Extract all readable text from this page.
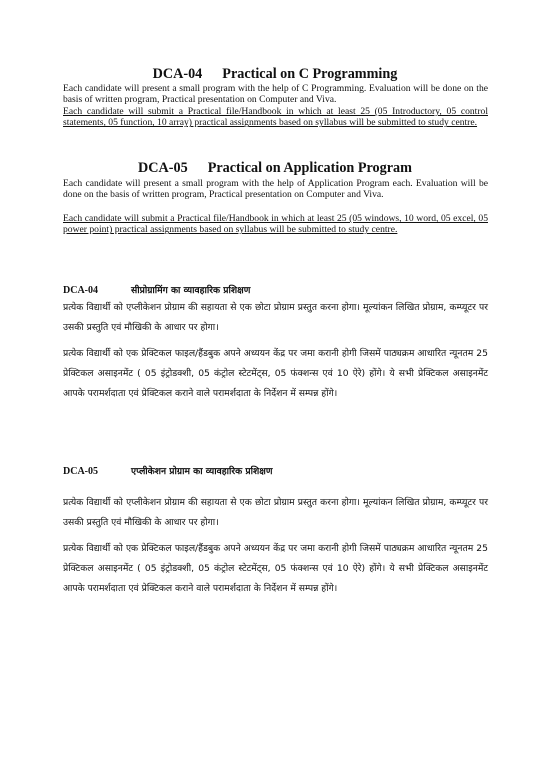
DCA-04 Practical on C Programming
Each candidate will present a small program with the help of C Programming. Evaluation will be done on the basis of written program, Practical presentation on Computer and Viva.
Each candidate will submit a Practical file/Handbook in which at least 25 (05 Introductory, 05 control statements, 05 function, 10 array) practical assignments based on syllabus will be submitted to study centre.
DCA-05 Practical on Application Program
Each candidate will present a small program with the help of Application Program each. Evaluation will be done on the basis of written program, Practical presentation on Computer and Viva.
Each candidate will submit a Practical file/Handbook in which at least 25 (05 windows, 10 word, 05 excel, 05 power point) practical assignments based on syllabus will be submitted to study centre.
DCA-04	सीप्रोग्रामिंग का व्यावहारिक प्रशिक्षण
प्रत्येक विद्यार्थी को एप्लीकेशन प्रोग्राम की सहायता से एक छोटा प्रोग्राम प्रस्तुत करना होगा। मूल्यांकन लिखित प्रोग्राम, कम्प्यूटर पर उसकी प्रस्तुति एवं मौखिकी के आधार पर होगा।
प्रत्येक विद्यार्थी को एक प्रेक्टिकल फाइल/हैंडबुक अपने अध्ययन केंद्र पर जमा करानी होगी जिसमें पाठ्यक्रम आधारित न्यूनतम 25 प्रेक्टिकल असाइनमेंट ( 05 इंट्रोडक्शी, 05 कंट्रोल स्टेटमेंट्स, 05 फंक्शन्स एवं 10 ऐरे) होंगे। ये सभी प्रेक्टिकल असाइनमेंट आपके परामर्शदाता एवं प्रेक्टिकल कराने वाले परामर्शदाता के निर्देशन में सम्पन्न होंगे।
DCA-05	एप्लीकेशन प्रोग्राम का व्यावहारिक प्रशिक्षण
प्रत्येक विद्यार्थी को एप्लीकेशन प्रोग्राम की सहायता से एक छोटा प्रोग्राम प्रस्तुत करना होगा। मूल्यांकन लिखित प्रोग्राम, कम्प्यूटर पर उसकी प्रस्तुति एवं मौखिकी के आधार पर होगा।
प्रत्येक विद्यार्थी को एक प्रेक्टिकल फाइल/हैंडबुक अपने अध्ययन केंद्र पर जमा करानी होगी जिसमें पाठ्यक्रम आधारित न्यूनतम 25 प्रेक्टिकल असाइनमेंट ( 05 इंट्रोडक्शी, 05 कंट्रोल स्टेटमेंट्स, 05 फंक्शन्स एवं 10 ऐरे) होंगे। ये सभी प्रेक्टिकल असाइनमेंट आपके परामर्शदाता एवं प्रेक्टिकल कराने वाले परामर्शदाता के निर्देशन में सम्पन्न होंगे।
